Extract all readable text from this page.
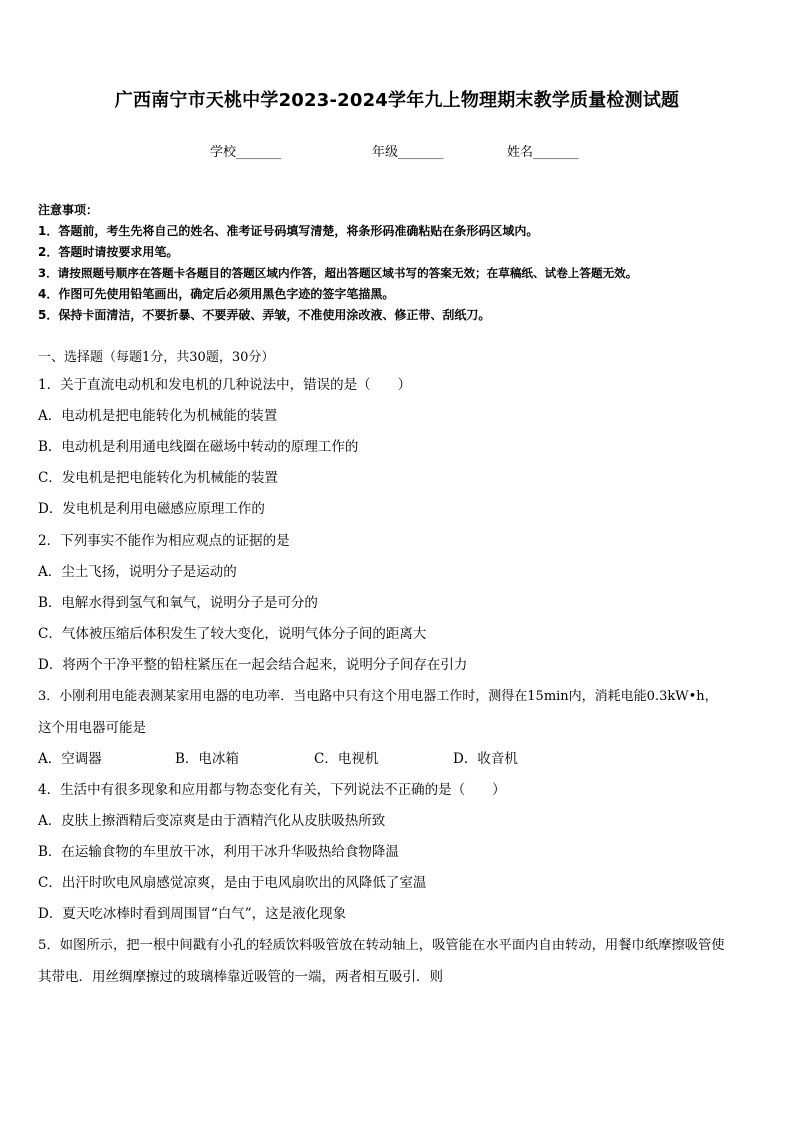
广西南宁市天桃中学2023-2024学年九上物理期末教学质量检测试题
学校_______	年级_______	姓名_______
注意事项：
1．答题前，考生先将自己的姓名、准考证号码填写清楚，将条形码准确粘贴在条形码区域内。
2．答题时请按要求用笔。
3．请按照题号顺序在答题卡各题目的答题区域内作答，超出答题区域书写的答案无效；在草稿纸、试卷上答题无效。
4．作图可先使用铅笔画出，确定后必须用黑色字迹的签字笔描黑。
5．保持卡面清洁，不要折暴、不要弄破、弄皱，不准使用涂改液、修正带、刮纸刀。
一、选择题（每题1分，共30题，30分）
1．关于直流电动机和发电机的几种说法中，错误的是（　　）
A．电动机是把电能转化为机械能的装置
B．电动机是利用通电线圈在磁场中转动的原理工作的
C．发电机是把电能转化为机械能的装置
D．发电机是利用电磁感应原理工作的
2．下列事实不能作为相应观点的证据的是
A．尘土飞扬，说明分子是运动的
B．电解水得到氢气和氧气，说明分子是可分的
C．气体被压缩后体积发生了较大变化，说明气体分子间的距离大
D．将两个干净平整的铅柱紧压在一起会结合起来，说明分子间存在引力
3．小刚利用电能表测某家用电器的电功率．当电路中只有这个用电器工作时，测得在15min内，消耗电能0.3kW•h，
这个用电器可能是
A．空调器	B．电冰箱	C．电视机	D．收音机
4．生活中有很多现象和应用都与物态变化有关，下列说法不正确的是（　　）
A．皮肤上擦酒精后变凉爽是由于酒精汽化从皮肤吸热所致
B．在运输食物的车里放干冰，利用干冰升华吸热给食物降温
C．出汗时吹电风扇感觉凉爽，是由于电风扇吹出的风降低了室温
D．夏天吃冰棒时看到周围冒“白气”，这是液化现象
5．如图所示，把一根中间戳有小孔的轻质饮料吸管放在转动轴上，吸管能在水平面内自由转动，用餐巾纸摩擦吸管使
其带电．用丝绸摩擦过的玻璃棒靠近吸管的一端，两者相互吸引．则
